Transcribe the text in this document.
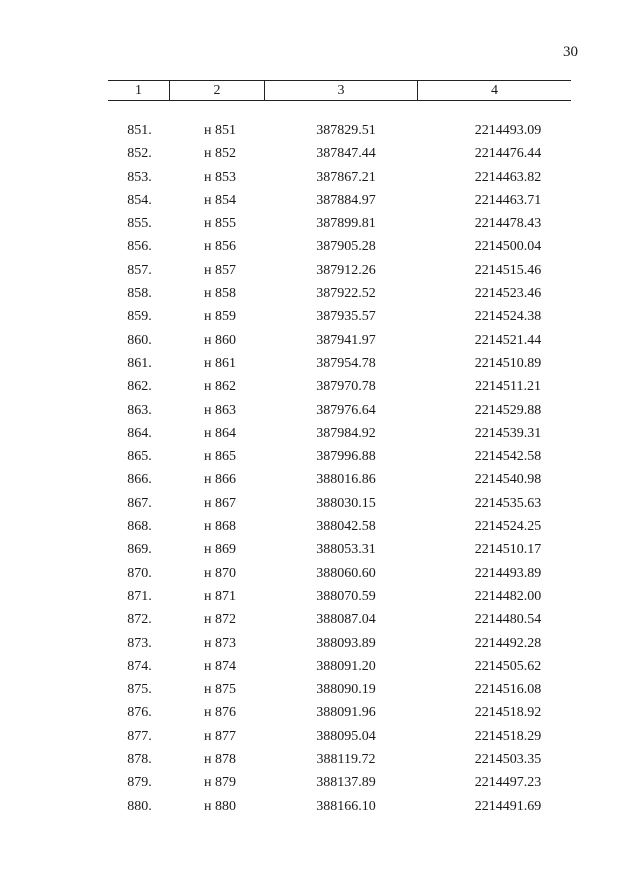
30
1	2	3	4
851.	н 851	387829.51	2214493.09
852.	н 852	387847.44	2214476.44
853.	н 853	387867.21	2214463.82
854.	н 854	387884.97	2214463.71
855.	н 855	387899.81	2214478.43
856.	н 856	387905.28	2214500.04
857.	н 857	387912.26	2214515.46
858.	н 858	387922.52	2214523.46
859.	н 859	387935.57	2214524.38
860.	н 860	387941.97	2214521.44
861.	н 861	387954.78	2214510.89
862.	н 862	387970.78	2214511.21
863.	н 863	387976.64	2214529.88
864.	н 864	387984.92	2214539.31
865.	н 865	387996.88	2214542.58
866.	н 866	388016.86	2214540.98
867.	н 867	388030.15	2214535.63
868.	н 868	388042.58	2214524.25
869.	н 869	388053.31	2214510.17
870.	н 870	388060.60	2214493.89
871.	н 871	388070.59	2214482.00
872.	н 872	388087.04	2214480.54
873.	н 873	388093.89	2214492.28
874.	н 874	388091.20	2214505.62
875.	н 875	388090.19	2214516.08
876.	н 876	388091.96	2214518.92
877.	н 877	388095.04	2214518.29
878.	н 878	388119.72	2214503.35
879.	н 879	388137.89	2214497.23
880.	н 880	388166.10	2214491.69
